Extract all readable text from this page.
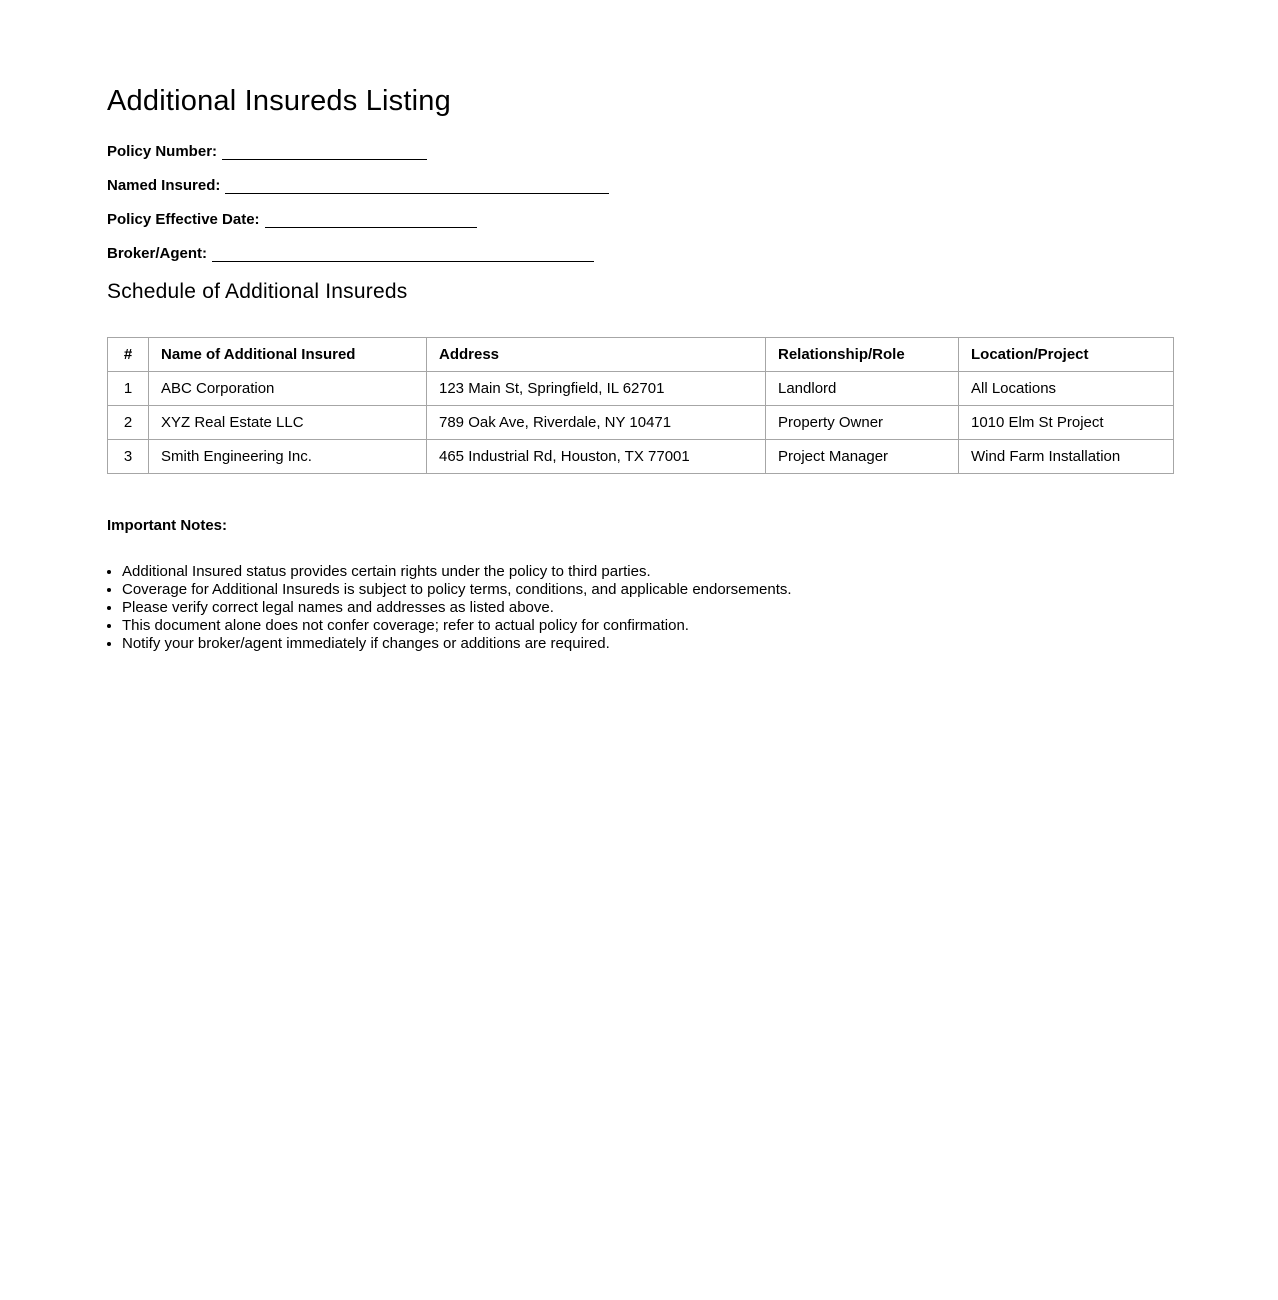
Additional Insureds Listing

Policy Number:

Named Insured:

Policy Effective Date:

Broker/Agent:

Schedule of Additional Insureds
#	Name of Additional Insured	Address	Relationship/Role	Location/Project
1	ABC Corporation	123 Main St, Springfield, IL 62701	Landlord	All Locations
2	XYZ Real Estate LLC	789 Oak Ave, Riverdale, NY 10471	Property Owner	1010 Elm St Project
3	Smith Engineering Inc.	465 Industrial Rd, Houston, TX 77001	Project Manager	Wind Farm Installation

Important Notes:

• Additional Insured status provides certain rights under the policy to third parties.
• Coverage for Additional Insureds is subject to policy terms, conditions, and applicable endorsements.
• Please verify correct legal names and addresses as listed above.
• This document alone does not confer coverage; refer to actual policy for confirmation.
• Notify your broker/agent immediately if changes or additions are required.
